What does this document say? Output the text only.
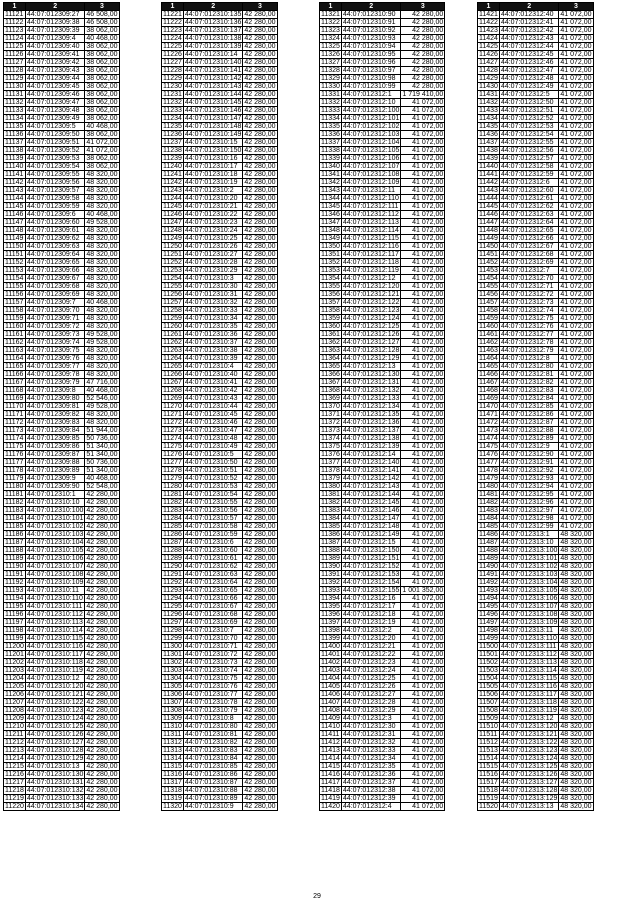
1	2	3
11121	44:07:012309:27	46 508,00
11122	44:07:012309:38	46 508,00
11123	44:07:012309:39	38 062,00
11124	44:07:012309:4	40 468,00
11125	44:07:012309:40	38 062,00
11126	44:07:012309:41	38 062,00
11127	44:07:012309:42	38 062,00
11128	44:07:012309:43	38 062,00
11129	44:07:012309:44	38 062,00
11130	44:07:012309:45	38 062,00
11131	44:07:012309:46	38 062,00
11132	44:07:012309:47	38 062,00
11133	44:07:012309:48	38 062,00
11134	44:07:012309:49	38 062,00
11135	44:07:012309:5	40 468,00
11136	44:07:012309:50	38 062,00
11137	44:07:012309:51	41 072,00
11138	44:07:012309:52	41 072,00
11139	44:07:012309:53	38 062,00
11140	44:07:012309:54	38 062,00
11141	44:07:012309:55	48 320,00
11142	44:07:012309:56	48 320,00
11143	44:07:012309:57	48 320,00
11144	44:07:012309:58	48 320,00
11145	44:07:012309:59	48 320,00
11146	44:07:012309:6	40 468,00
11147	44:07:012309:60	49 528,00
11148	44:07:012309:61	48 320,00
11149	44:07:012309:62	48 320,00
11150	44:07:012309:63	48 320,00
11151	44:07:012309:64	48 320,00
11152	44:07:012309:65	48 320,00
11153	44:07:012309:66	48 320,00
11154	44:07:012309:67	48 320,00
11155	44:07:012309:68	48 320,00
11156	44:07:012309:69	48 320,00
11157	44:07:012309:7	40 468,00
11158	44:07:012309:70	48 320,00
11159	44:07:012309:71	48 320,00
11160	44:07:012309:72	48 320,00
11161	44:07:012309:73	49 528,00
11162	44:07:012309:74	49 528,00
11163	44:07:012309:75	48 320,00
11164	44:07:012309:76	48 320,00
11165	44:07:012309:77	48 320,00
11166	44:07:012309:78	48 320,00
11167	44:07:012309:79	47 716,00
11168	44:07:012309:8	40 468,00
11169	44:07:012309:80	52 546,00
11170	44:07:012309:81	49 528,00
11171	44:07:012309:82	48 320,00
11172	44:07:012309:83	48 320,00
11173	44:07:012309:84	51 944,00
11174	44:07:012309:85	50 736,00
11175	44:07:012309:86	51 340,00
11176	44:07:012309:87	51 340,00
11177	44:07:012309:88	50 736,00
11178	44:07:012309:89	51 340,00
11179	44:07:012309:9	40 468,00
11180	44:07:012309:90	52 548,00
11181	44:07:012310:1	42 280,00
11182	44:07:012310:10	42 280,00
11183	44:07:012310:100	42 280,00
11184	44:07:012310:101	42 280,00
11185	44:07:012310:102	42 280,00
11186	44:07:012310:103	42 280,00
11187	44:07:012310:104	42 280,00
11188	44:07:012310:105	42 280,00
11189	44:07:012310:106	42 280,00
11190	44:07:012310:107	42 280,00
11191	44:07:012310:108	42 280,00
11192	44:07:012310:109	42 280,00
11193	44:07:012310:11	42 280,00
11194	44:07:012310:110	42 280,00
11195	44:07:012310:111	42 280,00
11196	44:07:012310:112	42 280,00
11197	44:07:012310:113	42 280,00
11198	44:07:012310:114	42 280,00
11199	44:07:012310:115	42 280,00
11200	44:07:012310:116	42 280,00
11201	44:07:012310:117	42 280,00
11202	44:07:012310:118	42 280,00
11203	44:07:012310:119	42 280,00
11204	44:07:012310:12	42 280,00
11205	44:07:012310:120	42 280,00
11206	44:07:012310:121	42 280,00
11207	44:07:012310:122	42 280,00
11208	44:07:012310:123	42 280,00
11209	44:07:012310:124	42 280,00
11210	44:07:012310:125	42 280,00
11211	44:07:012310:126	42 280,00
11212	44:07:012310:127	42 280,00
11213	44:07:012310:128	42 280,00
11214	44:07:012310:129	42 280,00
11215	44:07:012310:13	42 280,00
11216	44:07:012310:130	42 280,00
11217	44:07:012310:131	42 280,00
11218	44:07:012310:132	42 280,00
11219	44:07:012310:133	42 280,00
11220	44:07:012310:134	42 280,00
1	2	3
11221	44:07:012310:135	42 280,00
11222	44:07:012310:136	42 280,00
11223	44:07:012310:137	42 280,00
11224	44:07:012310:138	42 280,00
11225	44:07:012310:139	42 280,00
11226	44:07:012310:14	42 280,00
11227	44:07:012310:140	42 280,00
11228	44:07:012310:141	42 280,00
11229	44:07:012310:142	42 280,00
11230	44:07:012310:143	42 280,00
11231	44:07:012310:144	42 280,00
11232	44:07:012310:145	42 280,00
11233	44:07:012310:146	42 280,00
11234	44:07:012310:147	42 280,00
11235	44:07:012310:148	42 280,00
11236	44:07:012310:149	42 280,00
11237	44:07:012310:15	42 280,00
11238	44:07:012310:150	42 280,00
11239	44:07:012310:16	42 280,00
11240	44:07:012310:17	42 280,00
11241	44:07:012310:18	42 280,00
11242	44:07:012310:19	42 280,00
11243	44:07:012310:2	42 280,00
11244	44:07:012310:20	42 280,00
11245	44:07:012310:21	42 280,00
11246	44:07:012310:22	42 280,00
11247	44:07:012310:23	42 280,00
11248	44:07:012310:24	42 280,00
11249	44:07:012310:25	42 280,00
11250	44:07:012310:26	42 280,00
11251	44:07:012310:27	42 280,00
11252	44:07:012310:28	42 280,00
11253	44:07:012310:29	42 280,00
11254	44:07:012310:3	42 280,00
11255	44:07:012310:30	42 280,00
11256	44:07:012310:31	42 280,00
11257	44:07:012310:32	42 280,00
11258	44:07:012310:33	42 280,00
11259	44:07:012310:34	42 280,00
11260	44:07:012310:35	42 280,00
11261	44:07:012310:36	42 280,00
11262	44:07:012310:37	42 280,00
11263	44:07:012310:38	42 280,00
11264	44:07:012310:39	42 280,00
11265	44:07:012310:4	42 280,00
11266	44:07:012310:40	42 280,00
11267	44:07:012310:41	42 280,00
11268	44:07:012310:42	42 280,00
11269	44:07:012310:43	42 280,00
11270	44:07:012310:44	42 280,00
11271	44:07:012310:45	42 280,00
11272	44:07:012310:46	42 280,00
11273	44:07:012310:47	42 280,00
11274	44:07:012310:48	42 280,00
11275	44:07:012310:49	42 280,00
11276	44:07:012310:5	42 280,00
11277	44:07:012310:50	42 280,00
11278	44:07:012310:51	42 280,00
11279	44:07:012310:52	42 280,00
11280	44:07:012310:53	42 280,00
11281	44:07:012310:54	42 280,00
11282	44:07:012310:55	42 280,00
11283	44:07:012310:56	42 280,00
11284	44:07:012310:57	42 280,00
11285	44:07:012310:58	42 280,00
11286	44:07:012310:59	42 280,00
11287	44:07:012310:6	42 280,00
11288	44:07:012310:60	42 280,00
11289	44:07:012310:61	42 280,00
11290	44:07:012310:62	42 280,00
11291	44:07:012310:63	42 280,00
11292	44:07:012310:64	42 280,00
11293	44:07:012310:65	42 280,00
11294	44:07:012310:66	42 280,00
11295	44:07:012310:67	42 280,00
11296	44:07:012310:68	42 280,00
11297	44:07:012310:69	42 280,00
11298	44:07:012310:7	42 280,00
11299	44:07:012310:70	42 280,00
11300	44:07:012310:71	42 280,00
11301	44:07:012310:72	42 280,00
11302	44:07:012310:73	42 280,00
11303	44:07:012310:74	42 280,00
11304	44:07:012310:75	42 280,00
11305	44:07:012310:76	42 280,00
11306	44:07:012310:77	42 280,00
11307	44:07:012310:78	42 280,00
11308	44:07:012310:79	42 280,00
11309	44:07:012310:8	42 280,00
11310	44:07:012310:80	42 280,00
11311	44:07:012310:81	42 280,00
11312	44:07:012310:82	42 280,00
11313	44:07:012310:83	42 280,00
11314	44:07:012310:84	42 280,00
11315	44:07:012310:85	42 280,00
11316	44:07:012310:86	42 280,00
11317	44:07:012310:87	42 280,00
11318	44:07:012310:88	42 280,00
11319	44:07:012310:89	42 280,00
11320	44:07:012310:9	42 280,00
1	2	3
11321	44:07:012310:90	42 280,00
11322	44:07:012310:91	42 280,00
11323	44:07:012310:92	42 280,00
11324	44:07:012310:93	42 280,00
11325	44:07:012310:94	42 280,00
11326	44:07:012310:95	42 280,00
11327	44:07:012310:96	42 280,00
11328	44:07:012310:97	42 280,00
11329	44:07:012310:98	42 280,00
11330	44:07:012310:99	42 280,00
11331	44:07:012312:1	1 719 410,00
11332	44:07:012312:10	41 072,00
11333	44:07:012312:100	41 072,00
11334	44:07:012312:101	41 072,00
11335	44:07:012312:102	41 072,00
11336	44:07:012312:103	41 072,00
11337	44:07:012312:104	41 072,00
11338	44:07:012312:105	41 072,00
11339	44:07:012312:106	41 072,00
11340	44:07:012312:107	41 072,00
11341	44:07:012312:108	41 072,00
11342	44:07:012312:109	41 072,00
11343	44:07:012312:11	41 072,00
11344	44:07:012312:110	41 072,00
11345	44:07:012312:111	41 072,00
11346	44:07:012312:112	41 072,00
11347	44:07:012312:113	41 072,00
11348	44:07:012312:114	41 072,00
11349	44:07:012312:115	41 072,00
11350	44:07:012312:116	41 072,00
11351	44:07:012312:117	41 072,00
11352	44:07:012312:118	41 072,00
11353	44:07:012312:119	41 072,00
11354	44:07:012312:12	41 072,00
11355	44:07:012312:120	41 072,00
11356	44:07:012312:121	41 072,00
11357	44:07:012312:122	41 072,00
11358	44:07:012312:123	41 072,00
11359	44:07:012312:124	41 072,00
11360	44:07:012312:125	41 072,00
11361	44:07:012312:126	41 072,00
11362	44:07:012312:127	41 072,00
11363	44:07:012312:128	41 072,00
11364	44:07:012312:129	41 072,00
11365	44:07:012312:13	41 072,00
11366	44:07:012312:130	41 072,00
11367	44:07:012312:131	41 072,00
11368	44:07:012312:132	41 072,00
11369	44:07:012312:133	41 072,00
11370	44:07:012312:134	41 072,00
11371	44:07:012312:135	41 072,00
11372	44:07:012312:136	41 072,00
11373	44:07:012312:137	41 072,00
11374	44:07:012312:138	41 072,00
11375	44:07:012312:139	41 072,00
11376	44:07:012312:14	41 072,00
11377	44:07:012312:140	41 072,00
11378	44:07:012312:141	41 072,00
11379	44:07:012312:142	41 072,00
11380	44:07:012312:143	41 072,00
11381	44:07:012312:144	41 072,00
11382	44:07:012312:145	41 072,00
11383	44:07:012312:146	41 072,00
11384	44:07:012312:147	41 072,00
11385	44:07:012312:148	41 072,00
11386	44:07:012312:149	41 072,00
11387	44:07:012312:15	41 072,00
11388	44:07:012312:150	41 072,00
11389	44:07:012312:151	41 072,00
11390	44:07:012312:152	41 072,00
11391	44:07:012312:153	41 072,00
11392	44:07:012312:154	41 072,00
11393	44:07:012312:155	1 001 352,00
11394	44:07:012312:16	41 072,00
11395	44:07:012312:17	41 072,00
11396	44:07:012312:18	41 072,00
11397	44:07:012312:19	41 072,00
11398	44:07:012312:2	41 072,00
11399	44:07:012312:20	41 072,00
11400	44:07:012312:21	41 072,00
11401	44:07:012312:22	41 072,00
11402	44:07:012312:23	41 072,00
11403	44:07:012312:24	41 072,00
11404	44:07:012312:25	41 072,00
11405	44:07:012312:26	41 072,00
11406	44:07:012312:27	41 072,00
11407	44:07:012312:28	41 072,00
11408	44:07:012312:29	41 072,00
11409	44:07:012312:3	41 072,00
11410	44:07:012312:30	41 072,00
11411	44:07:012312:31	41 072,00
11412	44:07:012312:32	41 072,00
11413	44:07:012312:33	41 072,00
11414	44:07:012312:34	41 072,00
11415	44:07:012312:35	41 072,00
11416	44:07:012312:36	41 072,00
11417	44:07:012312:37	41 072,00
11418	44:07:012312:38	41 072,00
11419	44:07:012312:39	41 072,00
11420	44:07:012312:4	41 072,00
1	2	3
11421	44:07:012312:40	41 072,00
11422	44:07:012312:41	41 072,00
11423	44:07:012312:42	41 072,00
11424	44:07:012312:43	41 072,00
11425	44:07:012312:44	41 072,00
11426	44:07:012312:45	41 072,00
11427	44:07:012312:46	41 072,00
11428	44:07:012312:47	41 072,00
11429	44:07:012312:48	41 072,00
11430	44:07:012312:49	41 072,00
11431	44:07:012312:5	41 072,00
11432	44:07:012312:50	41 072,00
11433	44:07:012312:51	41 072,00
11434	44:07:012312:52	41 072,00
11435	44:07:012312:53	41 072,00
11436	44:07:012312:54	41 072,00
11437	44:07:012312:55	41 072,00
11438	44:07:012312:56	41 072,00
11439	44:07:012312:57	41 072,00
11440	44:07:012312:58	41 072,00
11441	44:07:012312:59	41 072,00
11442	44:07:012312:6	41 072,00
11443	44:07:012312:60	41 072,00
11444	44:07:012312:61	41 072,00
11445	44:07:012312:62	41 072,00
11446	44:07:012312:63	41 072,00
11447	44:07:012312:64	41 072,00
11448	44:07:012312:65	41 072,00
11449	44:07:012312:66	41 072,00
11450	44:07:012312:67	41 072,00
11451	44:07:012312:68	41 072,00
11452	44:07:012312:69	41 072,00
11453	44:07:012312:7	41 072,00
11454	44:07:012312:70	41 072,00
11455	44:07:012312:71	41 072,00
11456	44:07:012312:72	41 072,00
11457	44:07:012312:73	41 072,00
11458	44:07:012312:74	41 072,00
11459	44:07:012312:75	41 072,00
11460	44:07:012312:76	41 072,00
11461	44:07:012312:77	41 072,00
11462	44:07:012312:78	41 072,00
11463	44:07:012312:79	41 072,00
11464	44:07:012312:8	41 072,00
11465	44:07:012312:80	41 072,00
11466	44:07:012312:81	41 072,00
11467	44:07:012312:82	41 072,00
11468	44:07:012312:83	41 072,00
11469	44:07:012312:84	41 072,00
11470	44:07:012312:85	41 072,00
11471	44:07:012312:86	41 072,00
11472	44:07:012312:87	41 072,00
11473	44:07:012312:88	41 072,00
11474	44:07:012312:89	41 072,00
11475	44:07:012312:9	41 072,00
11476	44:07:012312:90	41 072,00
11477	44:07:012312:91	41 072,00
11478	44:07:012312:92	41 072,00
11479	44:07:012312:93	41 072,00
11480	44:07:012312:94	41 072,00
11481	44:07:012312:95	41 072,00
11482	44:07:012312:96	41 072,00
11483	44:07:012312:97	41 072,00
11484	44:07:012312:98	41 072,00
11485	44:07:012312:99	41 072,00
11486	44:07:012313:1	48 320,00
11487	44:07:012313:10	48 320,00
11488	44:07:012313:100	48 320,00
11489	44:07:012313:101	48 320,00
11490	44:07:012313:102	48 320,00
11491	44:07:012313:103	48 320,00
11492	44:07:012313:104	48 320,00
11493	44:07:012313:105	48 320,00
11494	44:07:012313:106	48 320,00
11495	44:07:012313:107	48 320,00
11496	44:07:012313:108	48 320,00
11497	44:07:012313:109	48 320,00
11498	44:07:012313:11	48 320,00
11499	44:07:012313:110	48 320,00
11500	44:07:012313:111	48 320,00
11501	44:07:012313:112	48 320,00
11502	44:07:012313:113	48 320,00
11503	44:07:012313:114	48 320,00
11504	44:07:012313:115	48 320,00
11505	44:07:012313:116	48 320,00
11506	44:07:012313:117	48 320,00
11507	44:07:012313:118	48 320,00
11508	44:07:012313:119	48 320,00
11509	44:07:012313:12	48 320,00
11510	44:07:012313:120	48 320,00
11511	44:07:012313:121	48 320,00
11512	44:07:012313:122	48 320,00
11513	44:07:012313:123	48 320,00
11514	44:07:012313:124	48 320,00
11515	44:07:012313:125	48 320,00
11516	44:07:012313:126	48 320,00
11517	44:07:012313:127	48 320,00
11518	44:07:012313:128	48 320,00
11519	44:07:012313:129	48 320,00
11520	44:07:012313:13	48 320,00
29
